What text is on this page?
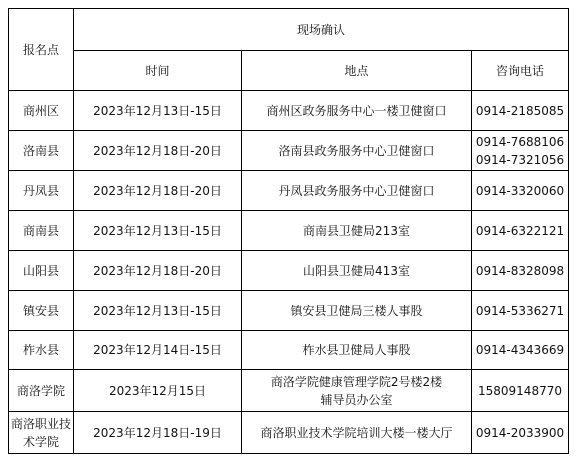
报名点	现场确认		
	时间	地点	咨询电话
商州区	2023年12月13日-15日	商州区政务服务中心一楼卫健窗口	0914-2185085
洛南县	2023年12月18日-20日	洛南县政务服务中心卫健窗口	0914-7688106
0914-7321056

丹凤县	2023年12月18日-20日	丹凤县政务服务中心卫健窗口	0914-3320060
商南县	2023年12月13日-15日	商南县卫健局213室	0914-6322121
山阳县	2023年12月18日-20日	山阳县卫健局413室	0914-8328098
镇安县	2023年12月13日-15日	镇安县卫健局三楼人事股	0914-5336271
柞水县	2023年12月14日-15日	柞水县卫健局人事股	0914-4343669
商洛学院	2023年12月15日	商洛学院健康管理学院2号楼2楼
辅导员办公室	15809148770

商洛职业技
术学院	2023年12月18日-19日	商洛职业技术学院培训大楼一楼大厅	0914-2033900
